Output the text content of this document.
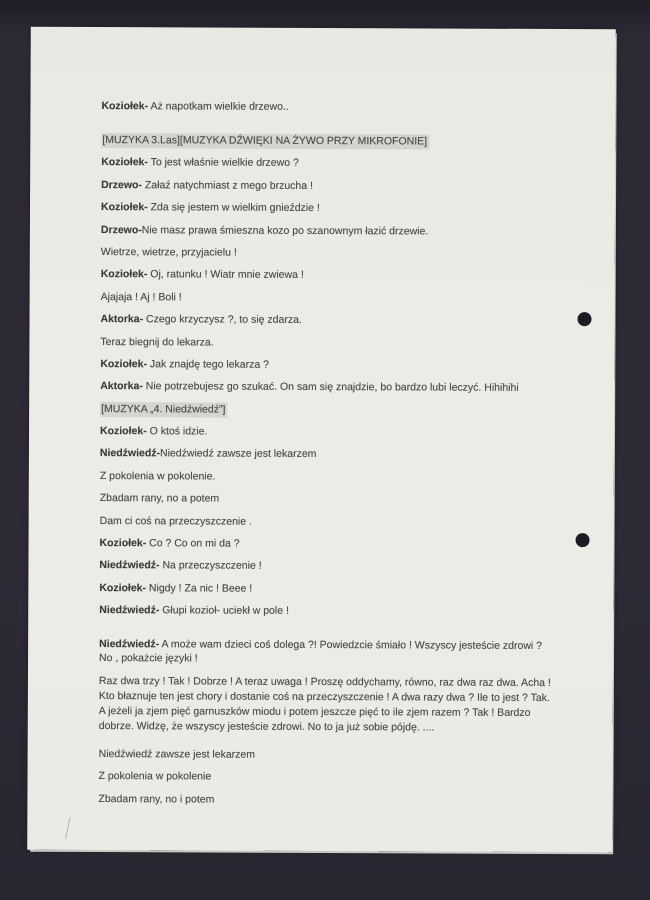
Koziołek- Aż napotkam wielkie drzewo..

[MUZYKA 3.Las][MUZYKA DŹWIĘKI NA ŻYWO PRZY MIKROFONIE]

Koziołek- To jest właśnie wielkie drzewo ?

Drzewo- Załaź natychmiast z mego brzucha !

Koziołek- Zda się jestem w wielkim gnieździe !

Drzewo-Nie masz prawa śmieszna kozo po szanownym łazić drzewie.

Wietrze, wietrze, przyjacielu !

Koziołek- Oj, ratunku ! Wiatr mnie zwiewa !

Ajajaja ! Aj ! Boli !

Aktorka- Czego krzyczysz ?, to się zdarza.

Teraz biegnij do lekarza.

Koziołek- Jak znajdę tego lekarza ?

Aktorka- Nie potrzebujesz go szukać. On sam się znajdzie, bo bardzo lubi leczyć. Hihihihi

[MUZYKA „4. Niedźwiedź”]

Koziołek- O ktoś idzie.

Niedźwiedź-Niedźwiedź zawsze jest lekarzem

Z pokolenia w pokolenie.

Zbadam rany, no a potem

Dam ci coś na przeczyszczenie .

Koziołek- Co ? Co on mi da ?

Niedźwiedź- Na przeczyszczenie !

Koziołek- Nigdy ! Za nic ! Beee !

Niedźwiedź- Głupi kozioł- uciekł w pole !

Niedźwiedź- A może wam dzieci coś dolega ?! Powiedzcie śmiało ! Wszyscy jesteście zdrowi ?No , pokażcie języki !

Raz dwa trzy ! Tak ! Dobrze ! A teraz uwaga ! Proszę oddychamy, równo, raz dwa raz dwa. Acha ! Kto błaznuje ten jest chory i dostanie coś na przeczyszczenie ! A dwa razy dwa ? Ile to jest ? Tak. A jeżeli ja zjem pięć garnuszków miodu i potem jeszcze pięć to ile zjem razem ? Tak ! Bardzo dobrze. Widzę, że wszyscy jesteście zdrowi. No to ja już sobie pójdę. ....

Niedźwiedź zawsze jest lekarzem

Z pokolenia w pokolenie

Zbadam rany, no i potem
